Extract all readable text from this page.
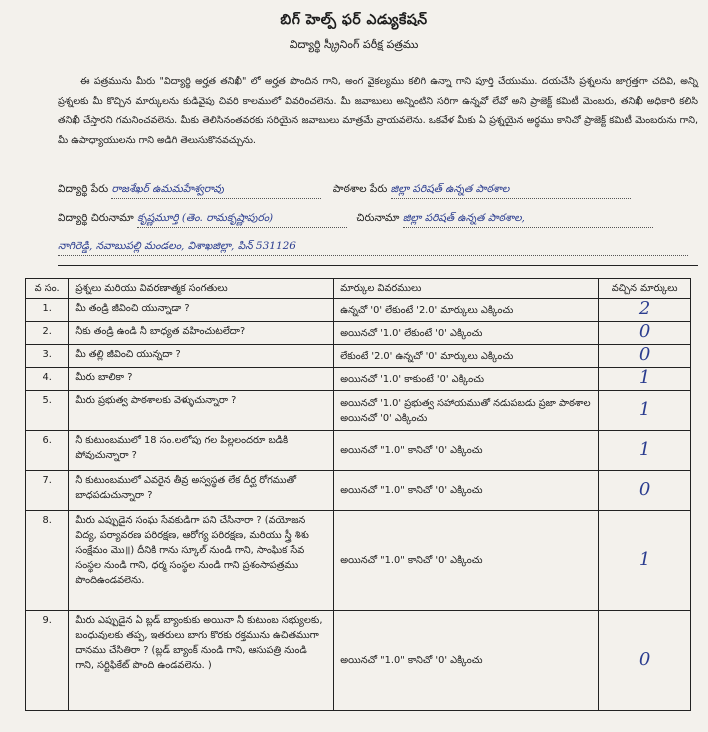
బిగ్ హెల్ప్ ఫర్ ఎడ్యుకేషన్
విద్యార్థి స్క్రీనింగ్ పరీక్ష పత్రము
ఈ పత్రమును మీరు "విద్యార్థి అర్హత తనిఖీ" లో అర్హత పొందిన గాని, అంగ వైకల్యము కలిగి ఉన్నా గాని పూర్తి చేయుము. దయచేసి ప్రశ్నలను జాగ్రత్తగా చదివి, అన్ని ప్రశ్నలకు మీ కొచ్చిన మార్కులను కుడివైపు చివరి కాలములో వివరించలెను. మీ జవాబులు అన్నింటిని సరిగా ఉన్నవో లేవో అని ప్రాజెక్ట్ కమిటీ మెంబరు, తనిఖీ అధికారి కలిసి తనిఖీ చేస్తారని గమనించవలెను. మీకు తెలిసినంతవరకు సరియైన జవాబులు మాత్రమే వ్రాయవలెను. ఒకవేళ మీకు ఏ ప్రశ్నయైన అర్థము కానిచో ప్రాజెక్ట్ కమిటీ మెంబరును గాని, మీ ఉపాధ్యాయులను గాని అడిగి తెలుసుకొనవచ్చును.
విద్యార్థి పేరు రాజశేఖర్ ఉమమహేశ్వరావు	పాఠశాల పేరు జిల్లా పరిషత్ ఉన్నత పాఠశాల
విద్యార్థి చిరునామా కృష్ణమూర్తి (తెం. రామకృష్ణాపురం)	చిరునామా జిల్లా పరిషత్ ఉన్నత పాఠశాల,
నాగిరెడ్డి, నవాబుపల్లి మండలం, విశాఖజిల్లా, పిన్ 531126
వ సం.	ప్రశ్నలు మరియు వివరణాత్మక సంగతులు	మార్కుల వివరములు	వచ్చిన మార్కులు
1.	మీ తండ్రి జీవించి యున్నాడా ?	ఉన్నచో '0' లేకుంటే '2.0' మార్కులు ఎక్కించు	2
2.	నీకు తండ్రి ఉండి నీ బాధ్యత వహించుటలేదా?	అయినచో '1.0' లేకుంటే '0' ఎక్కించు	0
3.	మీ తల్లి జీవించి యున్నదా ?	లేకుంటే '2.0' ఉన్నచో '0' మార్కులు ఎక్కించు	0
4.	మీరు బాలికా ?	అయినచో '1.0' కాకుంటే '0' ఎక్కించు	1
5.	మీరు ప్రభుత్వ పాఠశాలకు వెళ్ళుచున్నారా ?	అయినచో '1.0' ప్రభుత్వ సహాయముతో నడుపబడు ప్రజా పాఠశాల అయినచో '0' ఎక్కించు	1
6.	నీ కుటుంబములో 18 సం.లలోపు గల పిల్లలందరూ బడికి పోవుచున్నారా ?	అయినచో "1.0" కానిచో '0' ఎక్కించు	1
7.	నీ కుటుంబములో ఎవరైన తీవ్ర అస్వస్థత లేక దీర్ఘ రోగముతో బాధపడుచున్నారా ?	అయినచో "1.0" కానిచో '0' ఎక్కించు	0
8.	మీరు ఎప్పుడైన సంఘ సేవకుడిగా పని చేసినారా ? (వయోజన విద్య, పర్యావరణ పరిరక్షణ, ఆరోగ్య పరిరక్షణ, మరియు స్త్రీ శిశు సంక్షేమం మొ॥) దీనికి గాను స్కూల్ నుండి గాని, సాంఘిక సేవ సంస్థల నుండి గాని, ధర్మ సంస్థల నుండి గాని ప్రశంసాపత్రము పొందిఉండవలెను.	అయినచో "1.0" కానిచో '0' ఎక్కించు	1
9.	మీరు ఎప్పుడైన ఏ బ్లడ్ బ్యాంకుకు అయినా నీ కుటుంబ సభ్యులకు, బంధువులకు తప్ప, ఇతరులు బాగు కొరకు రక్తమును ఉచితముగా దానము చేసితిరా ? (బ్లడ్ బ్యాంక్ నుండి గాని, ఆసుపత్రి నుండి గాని, సర్టిఫికేట్ పొంది ఉండవలెను. )	అయినచో "1.0" కానిచో '0' ఎక్కించు	0
